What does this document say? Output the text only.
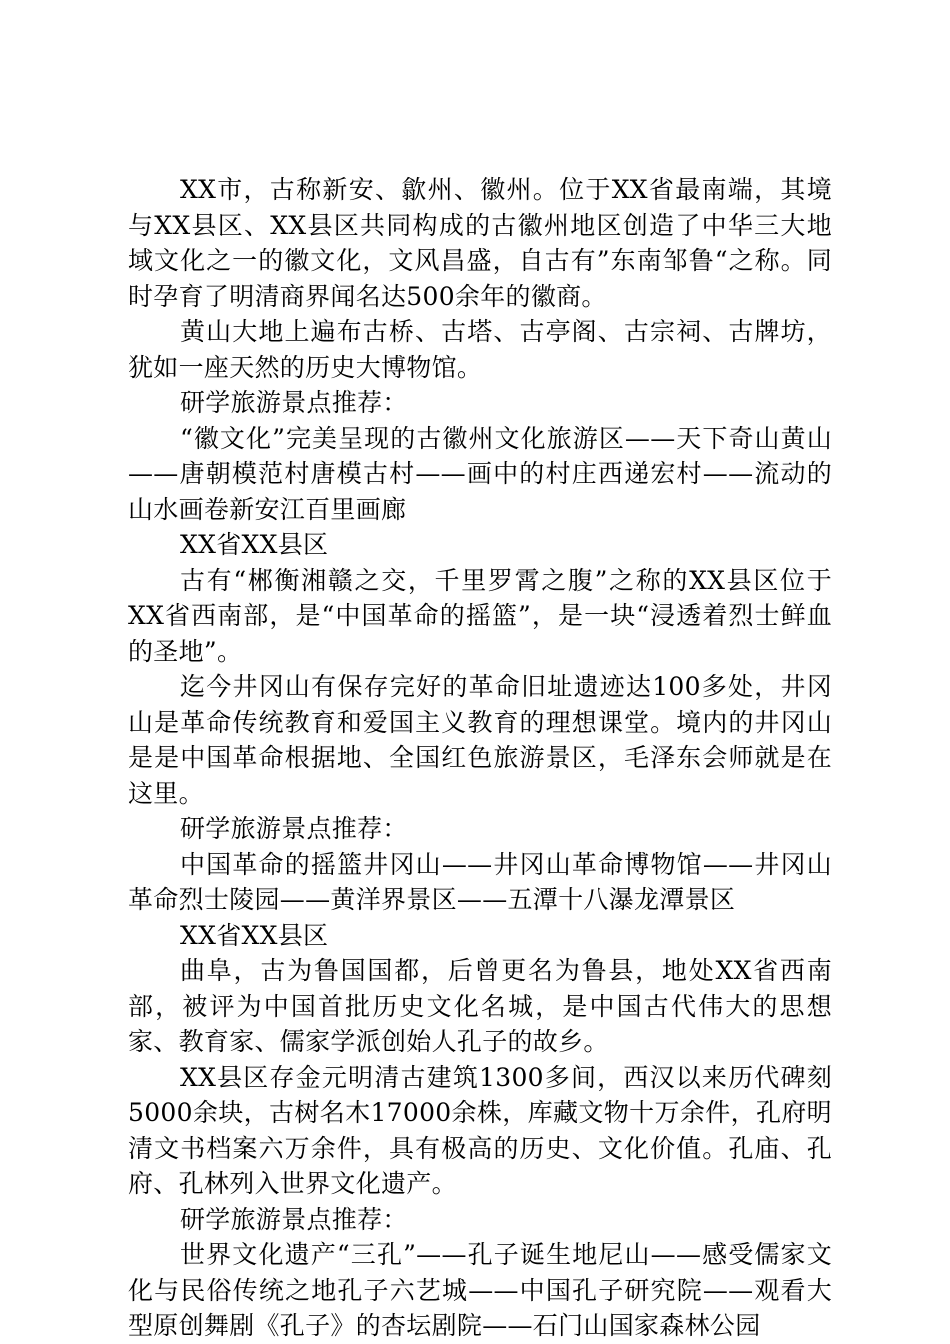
XX市，古称新安、歙州、徽州。位于XX省最南端，其境与XX县区、XX县区共同构成的古徽州地区创造了中华三大地域文化之一的徽文化，文风昌盛，自古有”东南邹鲁“之称。同时孕育了明清商界闻名达500余年的徽商。

黄山大地上遍布古桥、古塔、古亭阁、古宗祠、古牌坊，犹如一座天然的历史大博物馆。

研学旅游景点推荐：

“徽文化”完美呈现的古徽州文化旅游区——天下奇山黄山——唐朝模范村唐模古村——画中的村庄西递宏村——流动的山水画卷新安江百里画廊

XX省XX县区

古有“郴衡湘赣之交，千里罗霄之腹”之称的XX县区位于XX省西南部，是“中国革命的摇篮”，是一块“浸透着烈士鲜血的圣地”。

迄今井冈山有保存完好的革命旧址遗迹达100多处，井冈山是革命传统教育和爱国主义教育的理想课堂。境内的井冈山是是中国革命根据地、全国红色旅游景区，毛泽东会师就是在这里。

研学旅游景点推荐：

中国革命的摇篮井冈山——井冈山革命博物馆——井冈山革命烈士陵园——黄洋界景区——五潭十八瀑龙潭景区

XX省XX县区

曲阜，古为鲁国国都，后曾更名为鲁县，地处XX省西南部，被评为中国首批历史文化名城，是中国古代伟大的思想家、教育家、儒家学派创始人孔子的故乡。

XX县区存金元明清古建筑1300多间，西汉以来历代碑刻5000余块，古树名木17000余株，库藏文物十万余件，孔府明清文书档案六万余件，具有极高的历史、文化价值。孔庙、孔府、孔林列入世界文化遗产。

研学旅游景点推荐：

世界文化遗产“三孔”——孔子诞生地尼山——感受儒家文化与民俗传统之地孔子六艺城——中国孔子研究院——观看大型原创舞剧《孔子》的杏坛剧院——石门山国家森林公园
